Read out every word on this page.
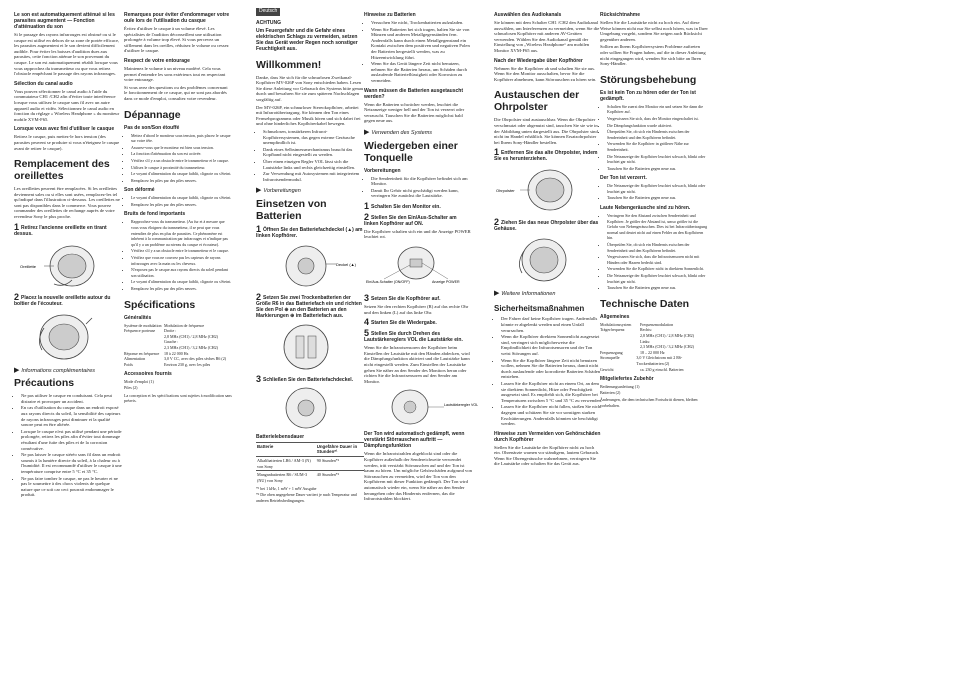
Le son est automatiquement atténué si les parasites augmentent — Fonction d'atténuation du son

Si le passage des rayons infrarouges est obstrué ou si le casque est utilisé en dehors de sa zone de portée efficace, les parasites augmentent et le son devient difficilement audible. Pour éviter les baisses d'audition dues aux parasites, cette fonction atténue le son provenant du casque. Le son est automatiquement rétabli lorsque vous vous rapprochez du transmetteur ou que vous retirez l'obstacle empêchant le passage des rayons infrarouges.

Sélection du canal audio

Vous pouvez sélectionner le canal audio à l'aide du commutateur CH1 /CH2 afin d'éviter toute interférence lorsque vous utilisez le casque sans fil avec un autre appareil audio et vidéo. Sélectionnez le canal audio en fonction du réglage « Wireless Headphone » du moniteur mobile XVM-F65.

Lorsque vous avez fini d'utiliser le casque

Retirez le casque, puis mettez-le hors tension (des parasites peuvent se produire si vous n'éteignez le casque avant de retirer le casque).

Remplacement des oreillettes

Les oreillettes peuvent être remplacées. Si les oreillettes deviennent sales ou si elles sont usées, remplacez-les tel qu'indiqué dans l'illustration ci-dessous. Les oreillettes ne sont pas disponibles dans le commerce. Vous pouvez commander des oreillettes de rechange auprès de votre revendeur Sony le plus proche.

1 Retirez l'ancienne oreillette en tirant dessus.
Oreillette
2 Placez la nouvelle oreillette autour du boîtier de l'écouteur.
▶ Informations complémentaires
Précautions
• Ne pas utiliser le casque en conduisant. Cela peut distraire et provoquer un accident.
• En cas d'utilisation du casque dans un endroit exposé aux rayons directs du soleil, la sensibilité des capteurs de rayons infrarouges peut diminuer et la qualité sonore peut en être altérée.
• Lorsque le casque n'est pas utilisé pendant une période prolongée, retirez les piles afin d'éviter tout dommage résultant d'une fuite des piles et de la corrosion consécutive.
• Ne pas laisser le casque stéréo sans fil dans un endroit soumis à la lumière directe du soleil, à la chaleur ou à l'humidité. Il est recommandé d'utiliser le casque à une température comprise entre 5 °C et 35 °C.
• Ne pas faire tomber le casque, ne pas le heurter et ne pas le soumettre à des chocs violents de quelque nature que ce soit car ceci pourrait endommager le produit.
Remarques pour éviter d'endommager votre ouïe lors de l'utilisation du casque

Évitez d'utiliser le casque à un volume élevé. Les spécialistes de l'audition déconseillent une utilisation prolongée à volume trop élevé. Si vous percevez un sifflement dans les oreilles, réduisez le volume ou cessez d'utiliser le casque.

Respect de votre entourage

Maintenez le volume à un niveau modéré. Cela vous permet d'entendre les sons extérieurs tout en respectant votre entourage.

Si vous avez des questions ou des problèmes concernant le fonctionnement de ce casque, qui ne sont pas abordés dans ce mode d'emploi, consultez votre revendeur.

Dépannage
Pas de son/Son étouffé
• Mettez d'abord le moniteur sous tension, puis placez le casque sur votre tête.
• Assurez-vous que le moniteur est bien sous tension.
• La fonction d'atténuation du son est activée.
• Vérifiez s'il y a un obstacle entre le transmetteur et le casque.
• Utilisez le casque à proximité du transmetteur.
• Le voyant d'alimentation du casque faiblit, clignote ou s'éteint.
• Remplacez les piles par des piles neuves.
Son déformé
• Le voyant d'alimentation du casque faiblit, clignote ou s'éteint.
• Remplacez les piles par des piles neuves.
Bruits de fond importants
• Rapprochez-vous du transmetteur. (Au fur et à mesure que vous vous éloignez du transmetteur, il se peut que vous entendiez de plus en plus de parasites. Ce phénomène est inhérent à la communication par infrarouges et n'indique pas qu'il y a un problème au niveau du casque et écouteur).
• Vérifiez s'il y a un obstacle entre le transmetteur et le casque.
• Vérifiez que vous ne couvrez pas les capteurs de rayons infrarouges avec la main ou les cheveux.
• N'exposez pas le casque aux rayons directs du soleil pendant son utilisation.
• Le voyant d'alimentation du casque faiblit, clignote ou s'éteint.
• Remplacez les piles par des piles neuves.
Spécifications
Généralités
Système de modulation Modulation de fréquence
Fréquence porteuse	Droite :
2,8 MHz (CH1) / 2,8 MHz (CH2)
Gauche :
2,3 MHz (CH1) / 3,2 MHz (CH2)
Réponse en fréquence	18 à 22 000 Hz
Alimentation	3,0 V CC, avec des piles sèches R6 (2)
Poids	Environ 230 g, avec les piles
Accessoires fournis

Mode d'emploi (1)
Piles (2)

La conception et les spécifications sont sujettes à modification sans préavis.

Deutsch
ACHTUNG

Um Feuergefahr und die Gefahr eines elektrischen Schlags zu vermeiden, setzen Sie das Gerät weder Regen noch sonstiger Feuchtigkeit aus.

Willkommen!

Danke, dass Sie sich für die schnurlosen Zweikanal-Kopfhörer MV-026P von Sony entschieden haben. Lesen Sie diese Anleitung vor Gebrauch des Systems bitte genau durch und bewahren Sie sie zum späteren Nachschlagen sorgfältig auf.

Der MV-026P, ein schnurloser Stereokopfhörer, arbeitet mit Infrarotübertragung. Sie können den Ton eines Fernsehprogramms oder Musik hören und sich dabei frei und ohne hinderliches Kopfhörerkabel bewegen.

• Schnurlosen, tonstärkeren Infrarot-Kopfhörersystemen, das gegen externe Geräusche unempfindlich ist.
• Dank eines Selbstmessmechanismus braucht das Kopfband nicht eingestellt zu werden.
• Über einen einzigen Regler VOL lässt sich die Lautstärke links und rechts gleichzeitig einstellen.
• Zur Verwendung mit Autosystemen mit integriertem Infrarotsendermodul.
▶ Vorbereitungen
Einsetzen von Batterien
1 Öffnen Sie den Batteriefachdeckel (▲) am linken Kopfhörer.
Deckel (▲)
2 Setzen Sie zwei Trockenbatterien der Größe R6 in das Batteriefach ein und richten Sie den Pol ⊕ an den Batterien an den Markierungen ⊕ im Batteriefach aus.
3 Schließen Sie den Batteriefachdeckel.
Batterielebensdauer
Batterie	Ungefähre Dauer in Stunden*¹
Alkalibatterien LR6 / AM-3 (N) von Sony	90 Stunden*²
Manganbatterien R6 / SUM-3 (NU) von Sony	40 Stunden*²

*¹ bei 1 kHz, 1 mW + 1 mW Ausgabe
*² Die oben angegebene Dauer variiert je nach Temperatur und anderen Betriebsbedingungen.

Hinweise zu Batterien
• Versuchen Sie nicht, Trockenbatterien aufzuladen.
• Wenn Sie Batterien bei sich tragen, halten Sie sie von Münzen und anderen Metallgegenständen fern. Andernfalls kann durch einen Metallgegenstand ein Kontakt zwischen dem positiven und negativen Polen der Batterien hergestellt werden, was zu Hitzeentwicklung führt.
• Wenn Sie das Gerät längere Zeit nicht benutzen, nehmen Sie die Batterien heraus, um Schäden durch auslaufende Batterieflüssigkeit oder Korrosion zu vermeiden.
Wann müssen die Batterien ausgetauscht werden?

Wenn die Batterien schwächer werden, leuchtet die Netzanzeige weniger hell und der Ton ist verzerrt oder verrauscht. Tauschen Sie die Batterien möglichst bald gegen neue aus.

▶ Verwenden des Systems
Wiedergeben einer Tonquelle
Vorbereitungen
• Die Sendeeinheit für die Kopfhörer befindet sich am Monitor.
• Damit Ihr Gehör nicht geschädigt werden kann, verringern Sie zunächst die Lautstärke.
1 Schalten Sie den Monitor ein.
2 Stellen Sie den Ein/Aus-Schalter am linken Kopfhörer auf ON.

Die Kopfhörer schalten sich ein und die Anzeige POWER leuchtet rot.

Ein/Aus-Schalter (ON/OFF)	Anzeige POWER
3 Setzen Sie die Kopfhörer auf.

Setzen Sie den rechten Kopfhörer (R) auf das rechte Ohr und den linken (L) auf das linke Ohr.

4 Starten Sie die Wiedergabe.
5 Stellen Sie durch Drehen des Lautstärkereglers VOL die Lautstärke ein.

Wenn Sie die Infrarotsensoren der Kopfhörer beim Einstellen der Lautstärke mit den Händen abdecken, wird die Dämpfungsfunktion aktiviert und die Lautstärke kann nicht eingestellt werden. Zum Einstellen der Lautstärke gehen Sie näher an den Sender des Monitors heran oder richten Sie die Infrarotsensoren auf den Sender am Monitor.

Lautstärkeregler VOL
Der Ton wird automatisch gedämpft, wenn verstärkt Störrauschen auftritt — Dämpfungsfunktion

Wenn die Infrarotstrahlen abgeblockt sind oder die Kopfhörer außerhalb der Sendereichweite verwendet werden, tritt verstärkt Störrauschen auf und der Ton ist kaum zu hören. Um mögliche Gehörschäden aufgrund von Störrauschen zu vermeiden, wird der Ton von den Kopfhörern mit dieser Funktion gedämpft. Der Ton wird automatisch wieder ein, wenn Sie näher an den Sender herangehen oder das Hindernis entfernen, das die Infrarotstrahlen blockiert.

Auswählen des Audiokanals

Sie können mit dem Schalter CH1 /CH2 den Audiokanal auswählen, um Interferenzen zu vermeiden, wenn Sie die schnurlosen Kopfhörer mit anderen AV-Geräten verwenden. Wählen Sie den Audiokanal gemäß der Einstellung von „Wireless Headphone“ am mobilen Monitor XVM-F65 aus.

Nach der Wiedergabe über Kopfhörer

Nehmen Sie die Kopfhörer ab und schalten Sie sie aus. Wenn Sie den Monitor ausschalten, bevor Sie die Kopfhörer abnehmen, kann Störrauschen zu hören sein.

Austauschen der Ohrpolster

Die Ohrpolster sind austauschbar. Wenn die Ohrpolster verschmutzt oder abgenutzt sind, tauschen Sie sie wie in der Abbildung unten dargestellt aus. Die Ohrpolster sind nicht im Handel erhältlich. Sie können Ersatzohrpolster bei Ihrem Sony-Händler bestellen.

1 Entfernen Sie das alte Ohrpolster, indem Sie es herunterziehen.
Ohrpolster
2 Ziehen Sie das neue Ohrpolster über das Gehäuse.
▶ Weitere Informationen
Sicherheitsmaßnahmen
• Der Fahrer darf keine Kopfhörer tragen. Andernfalls könnte er abgelenkt werden und einen Unfall verursachen.
• Wenn die Kopfhörer direktem Sonnenlicht ausgesetzt sind, verringert sich möglicherweise die Empfindlichkeit der Infrarotsensoren und der Ton weist Störungen auf.
• Wenn Sie die Kopfhörer längere Zeit nicht benutzen wollen, nehmen Sie die Batterien heraus, damit nicht durch auslaufende oder korrodierte Batterien Schäden entstehen.
• Lassen Sie die Kopfhörer nicht an einem Ort, an dem sie direktem Sonnenlicht, Hitze oder Feuchtigkeit ausgesetzt sind. Es empfiehlt sich, die Kopfhörer bei Temperaturen zwischen 5 °C und 35 °C zu verwenden.
• Lassen Sie die Kopfhörer nicht fallen, stoßen Sie nicht dagegen und schützen Sie sie vor sonstigen starken Erschütterungen. Andernfalls könnten sie beschädigt werden.
Hinweise zum Vermeiden von Gehörschäden durch Kopfhörer

Stellen Sie die Lautstärke der Kopfhörer nicht zu hoch ein. Ohrenärzte warnen vor ständigem, lautem Gebrauch. Wenn Sie Ohrengeräusche wahrnehmen, verringern Sie die Lautstärke oder schalten Sie das Gerät aus.

Rücksichtnahme

Stellen Sie die Lautstärke nicht zu hoch ein. Auf diese Weise können nicht nur Sie selbst noch hören, was in Ihrer Umgebung vorgeht, sondern Sie zeigen auch Rücksicht gegenüber anderen.

Sollten an Ihrem Kopfhörersystem Probleme auftreten oder sollten Sie Fragen haben, auf die in dieser Anleitung nicht eingegangen wird, wenden Sie sich bitte an Ihren Sony-Händler.

Störungsbehebung
Es ist kein Ton zu hören oder der Ton ist gedämpft.
• Schalten Sie zuerst den Monitor ein und setzen Sie dann die Kopfhörer auf.
• Vergewissern Sie sich, dass der Monitor eingeschaltet ist.
• Die Dämpfungsfunktion wurde aktiviert.
• Überprüfen Sie, ob sich ein Hindernis zwischen der Sendeeinheit und den Kopfhörern befindet.
• Verwenden Sie die Kopfhörer in größerer Nähe zur Sendeeinheit.
• Die Netzanzeige der Kopfhörer leuchtet schwach, blinkt oder leuchtet gar nicht.
• Tauschen Sie die Batterien gegen neue aus.
Der Ton ist verzerrt.
• Die Netzanzeige der Kopfhörer leuchtet schwach, blinkt oder leuchtet gar nicht.
• Tauschen Sie die Batterien gegen neue aus.
Laute Nebengeräusche sind zu hören.
• Verringern Sie den Abstand zwischen Sendeeinheit und Kopfhörer. Je größer der Abstand ist, umso größer ist die Gefahr von Nebengeräuschen. Dies ist bei Infrarotübertragung normal und deutet nicht auf einen Fehler an den Kopfhörern hin.
• Überprüfen Sie, ob sich ein Hindernis zwischen der Sendeeinheit und den Kopfhörern befindet.
• Vergewissern Sie sich, dass die Infrarotsensoren nicht mit Händen oder Haaren bedeckt sind.
• Verwenden Sie die Kopfhörer nicht in direktem Sonnenlicht.
• Die Netzanzeige der Kopfhörer leuchtet schwach, blinkt oder leuchtet gar nicht.
• Tauschen Sie die Batterien gegen neue aus.
Technische Daten
Allgemeines
Modulationssystem	Frequenzmodulation
Trägerfrequenz	Rechts:
2,8 MHz (CH1) / 2,8 MHz (CH2)
Links:
2,3 MHz (CH1) / 3,2 MHz (CH2)
Frequenzgang	18 – 22 000 Hz
Stromquelle	3,0 V Gleichstrom mit 2 R6-Trockenbatterien (2)
Gewicht	ca. 230 g einschl. Batterien
Mitgeliefertes Zubehör

Bedienungsanleitung (1)
Batterien (2)

Änderungen, die dem technischen Fortschritt dienen, bleiben vorbehalten.
